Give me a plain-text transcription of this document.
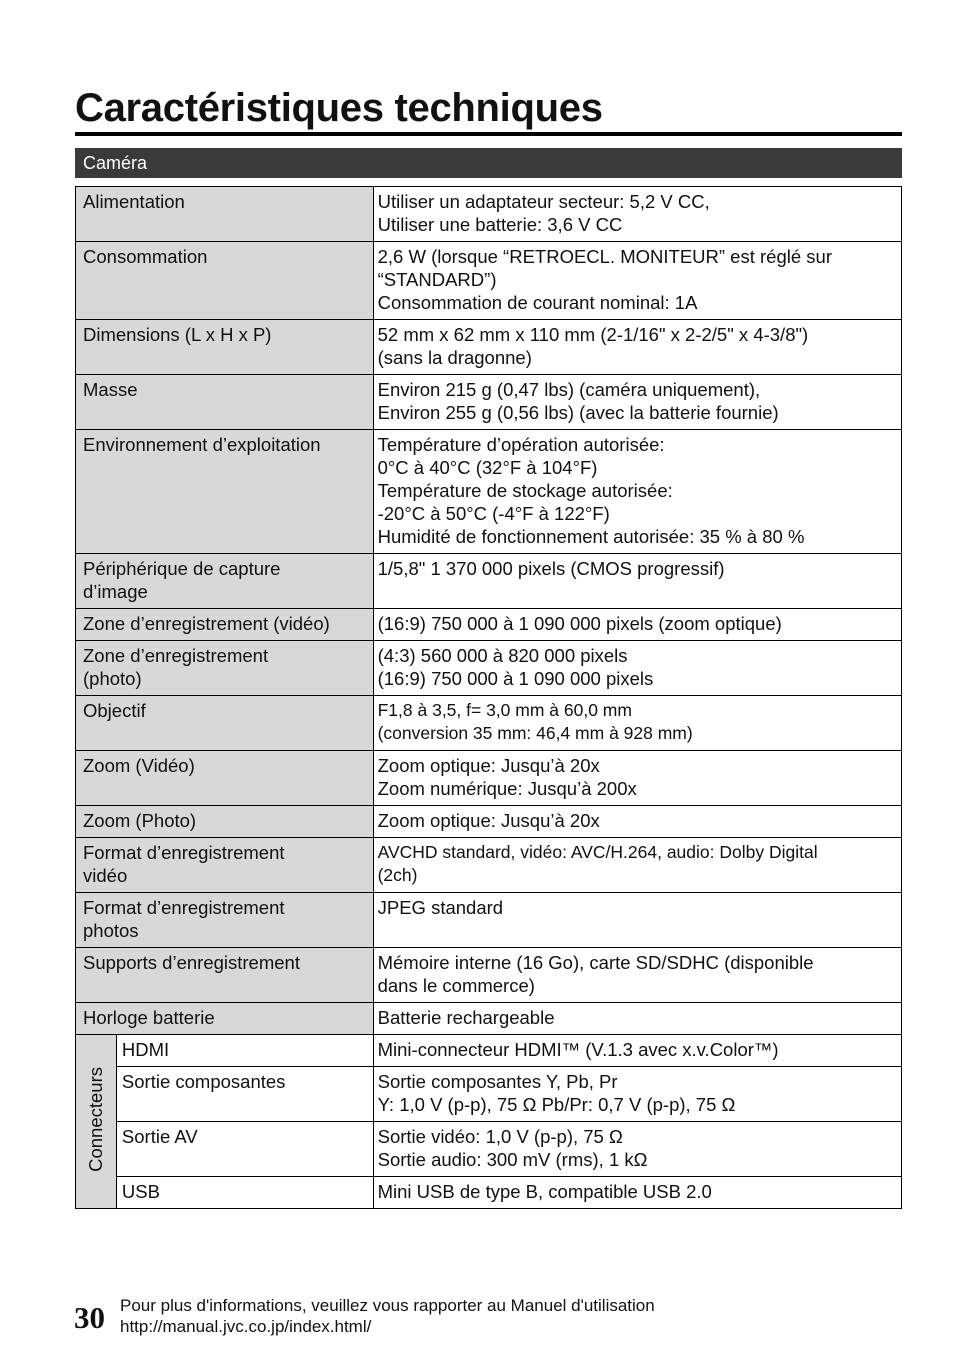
Caractéristiques techniques
Caméra
Alimentation		Utiliser un adaptateur secteur: 5,2 V CC,
Utiliser une batterie: 3,6 V CC

Consommation		2,6 W (lorsque “RETROECL. MONITEUR” est réglé sur
“STANDARD”)
Consommation de courant nominal: 1A

Dimensions (L x H x P)		52 mm x 62 mm x 110 mm (2-1/16" x 2-2/5" x 4-3/8")
(sans la dragonne)

Masse		Environ 215 g (0,47 lbs) (caméra uniquement),
Environ 255 g (0,56 lbs) (avec la batterie fournie)

Environnement d’exploitation		Température d’opération autorisée:
0°C à 40°C (32°F à 104°F)
Température de stockage autorisée:
-20°C à 50°C (-4°F à 122°F)
Humidité de fonctionnement autorisée: 35 % à 80 %

Périphérique de capture
d’image		1/5,8" 1 370 000 pixels (CMOS progressif)

Zone d’enregistrement (vidéo)		(16:9) 750 000 à 1 090 000 pixels (zoom optique)

Zone d’enregistrement
(photo)		(4:3) 560 000 à 820 000 pixels
(16:9) 750 000 à 1 090 000 pixels

Objectif		F1,8 à 3,5, f= 3,0 mm à 60,0 mm
(conversion 35 mm: 46,4 mm à 928 mm)

Zoom (Vidéo)		Zoom optique: Jusqu’à 20x
Zoom numérique: Jusqu’à 200x

Zoom (Photo)		Zoom optique: Jusqu’à 20x

Format d’enregistrement
vidéo		AVCHD standard, vidéo: AVC/H.264, audio: Dolby Digital
(2ch)

Format d’enregistrement
photos		JPEG standard

Supports d’enregistrement		Mémoire interne (16 Go), carte SD/SDHC (disponible
dans le commerce)

Horloge batterie		Batterie rechargeable

Connecteurs	HDMI	Mini-connecteur HDMI™ (V.1.3 avec x.v.Color™)

	Sortie composantes	Sortie composantes Y, Pb, Pr
Y: 1,0 V (p-p), 75 Ω Pb/Pr: 0,7 V (p-p), 75 Ω

	Sortie AV	Sortie vidéo: 1,0 V (p-p), 75 Ω
Sortie audio: 300 mV (rms), 1 kΩ

	USB	Mini USB de type B, compatible USB 2.0
30 Pour plus d'informations, veuillez vous rapporter au Manuel d'utilisation
http://manual.jvc.co.jp/index.html/
